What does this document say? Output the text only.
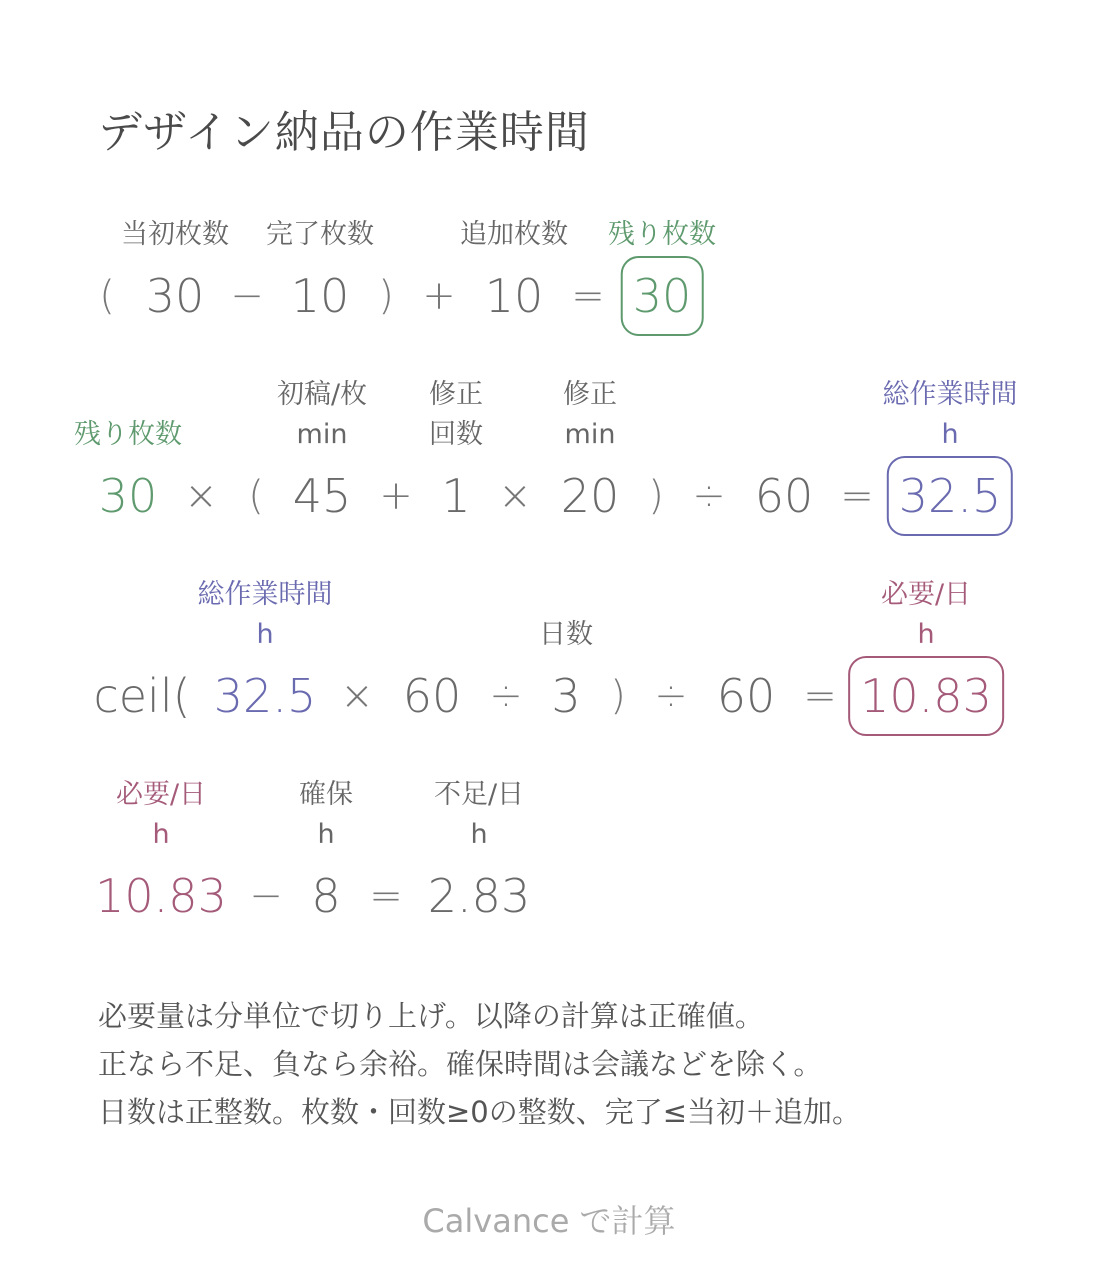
デザイン納品の作業時間
当初枚数 完了枚数	追加枚数 残り枚数
( 30 − 10 ) + 10 = 30
残り枚数
初稿/枚
min
修正
回数
修正
min
総作業時間
h
30 × ( 45 + 1 × 20 ) ÷ 60 = 32.5
総作業時間
h	日数
必要/日
h
ceil( 32.5 × 60 ÷ 3 ) ÷ 60 = 10.83
必要/日
h
確保
h
不足/日
h
10.83 − 8 = 2.83
必要量は分単位で切り上げ。以降の計算は正確値。
正なら不足、負なら余裕。確保時間は会議などを除く。
日数は正整数。枚数・回数≥0の整数、完了≤当初＋追加。
Calvance で計算
